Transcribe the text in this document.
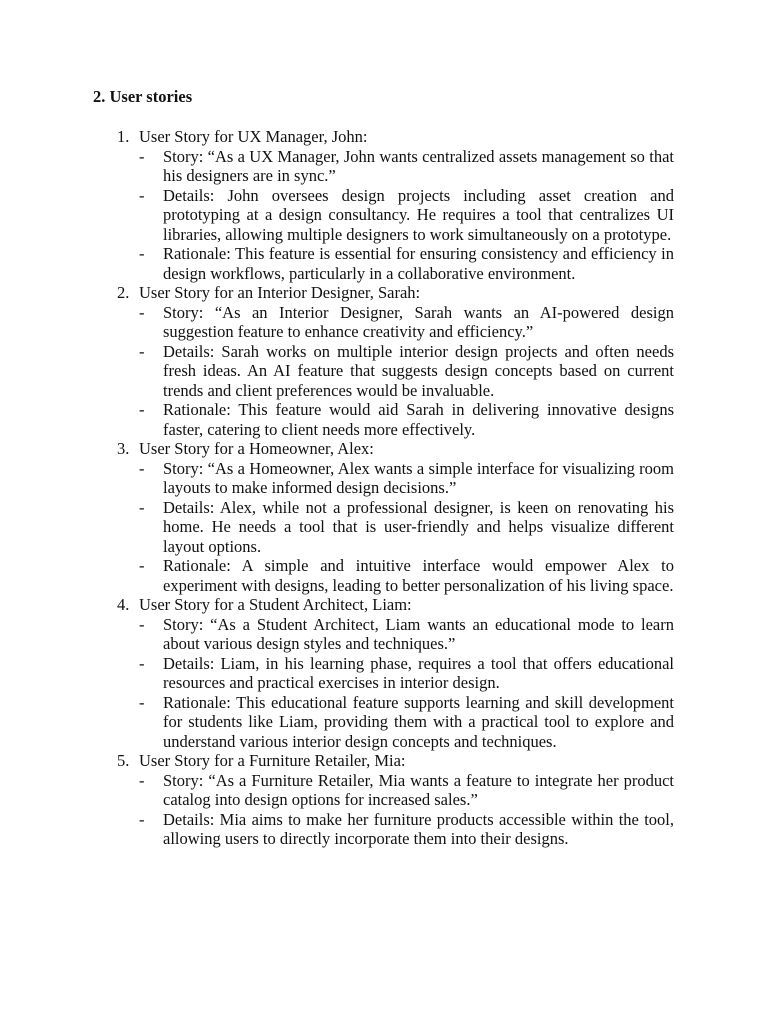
2. User stories
1. User Story for UX Manager, John:
- Story: “As a UX Manager, John wants centralized assets management so that his designers are in sync.”
- Details: John oversees design projects including asset creation and prototyping at a design consultancy. He requires a tool that centralizes UI libraries, allowing multiple designers to work simultaneously on a prototype.
- Rationale: This feature is essential for ensuring consistency and efficiency in design workflows, particularly in a collaborative environment.
2. User Story for an Interior Designer, Sarah:
- Story: “As an Interior Designer, Sarah wants an AI-powered design suggestion feature to enhance creativity and efficiency.”
- Details: Sarah works on multiple interior design projects and often needs fresh ideas. An AI feature that suggests design concepts based on current trends and client preferences would be invaluable.
- Rationale: This feature would aid Sarah in delivering innovative designs faster, catering to client needs more effectively.
3. User Story for a Homeowner, Alex:
- Story: “As a Homeowner, Alex wants a simple interface for visualizing room layouts to make informed design decisions.”
- Details: Alex, while not a professional designer, is keen on renovating his home. He needs a tool that is user-friendly and helps visualize different layout options.
- Rationale: A simple and intuitive interface would empower Alex to experiment with designs, leading to better personalization of his living space.
4. User Story for a Student Architect, Liam:
- Story: “As a Student Architect, Liam wants an educational mode to learn about various design styles and techniques.”
- Details: Liam, in his learning phase, requires a tool that offers educational resources and practical exercises in interior design.
- Rationale: This educational feature supports learning and skill development for students like Liam, providing them with a practical tool to explore and understand various interior design concepts and techniques.
5. User Story for a Furniture Retailer, Mia:
- Story: “As a Furniture Retailer, Mia wants a feature to integrate her product catalog into design options for increased sales.”
- Details: Mia aims to make her furniture products accessible within the tool, allowing users to directly incorporate them into their designs.
